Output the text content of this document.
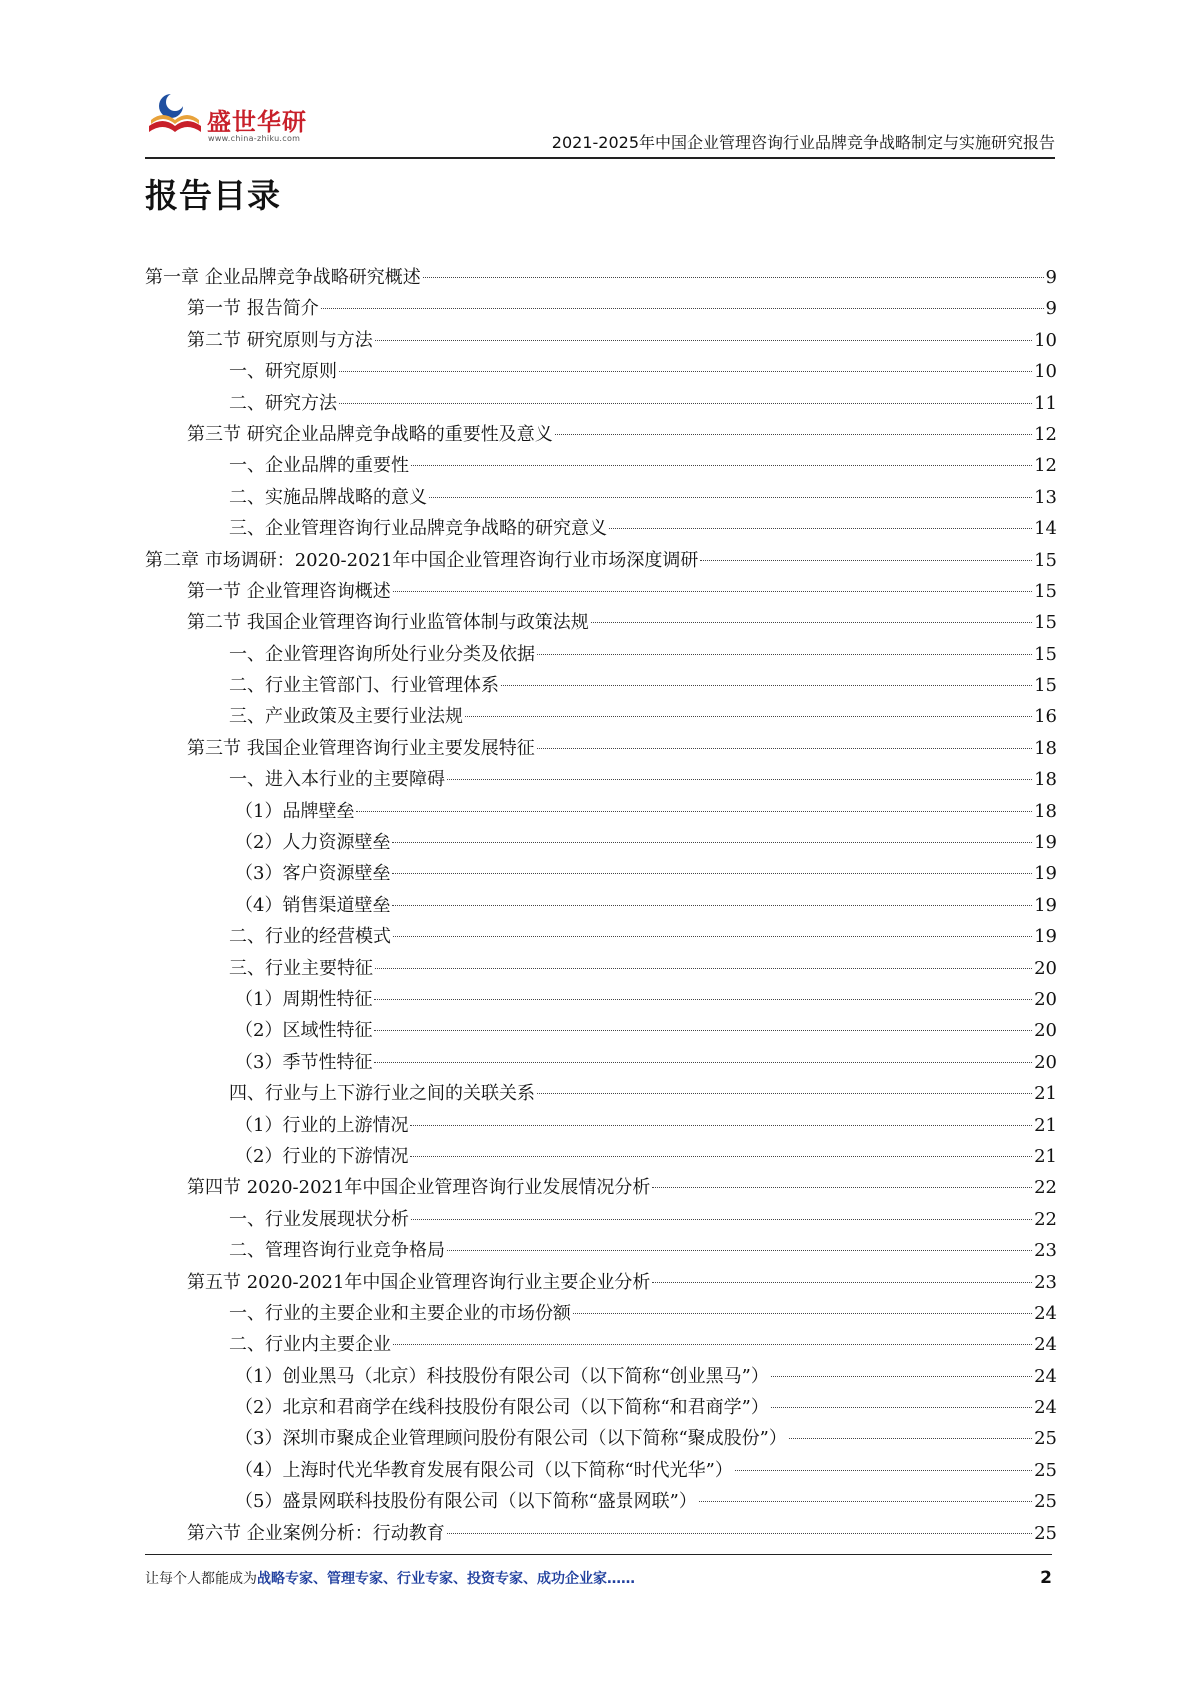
盛世华研
www.china-zhiku.com	2021-2025年中国企业管理咨询行业品牌竞争战略制定与实施研究报告
报告目录
第一章 企业品牌竞争战略研究概述	9
第一节 报告简介	9
第二节 研究原则与方法	10
一、研究原则	10
二、研究方法	11
第三节 研究企业品牌竞争战略的重要性及意义	12
一、企业品牌的重要性	12
二、实施品牌战略的意义	13
三、企业管理咨询行业品牌竞争战略的研究意义	14
第二章 市场调研：2020-2021年中国企业管理咨询行业市场深度调研	15
第一节 企业管理咨询概述	15
第二节 我国企业管理咨询行业监管体制与政策法规	15
一、企业管理咨询所处行业分类及依据	15
二、行业主管部门、行业管理体系	15
三、产业政策及主要行业法规	16
第三节 我国企业管理咨询行业主要发展特征	18
一、进入本行业的主要障碍	18
（1）品牌壁垒	18
（2）人力资源壁垒	19
（3）客户资源壁垒	19
（4）销售渠道壁垒	19
二、行业的经营模式	19
三、行业主要特征	20
（1）周期性特征	20
（2）区域性特征	20
（3）季节性特征	20
四、行业与上下游行业之间的关联关系	21
（1）行业的上游情况	21
（2）行业的下游情况	21
第四节 2020-2021年中国企业管理咨询行业发展情况分析	22
一、行业发展现状分析	22
二、管理咨询行业竞争格局	23
第五节 2020-2021年中国企业管理咨询行业主要企业分析	23
一、行业的主要企业和主要企业的市场份额	24
二、行业内主要企业	24
（1）创业黑马（北京）科技股份有限公司（以下简称“创业黑马”）	24
（2）北京和君商学在线科技股份有限公司（以下简称“和君商学”）	24
（3）深圳市聚成企业管理顾问股份有限公司（以下简称“聚成股份”）	25
（4）上海时代光华教育发展有限公司（以下简称“时代光华”）	25
（5）盛景网联科技股份有限公司（以下简称“盛景网联”）	25
第六节 企业案例分析：行动教育	25
让每个人都能成为战略专家、管理专家、行业专家、投资专家、成功企业家……	2
